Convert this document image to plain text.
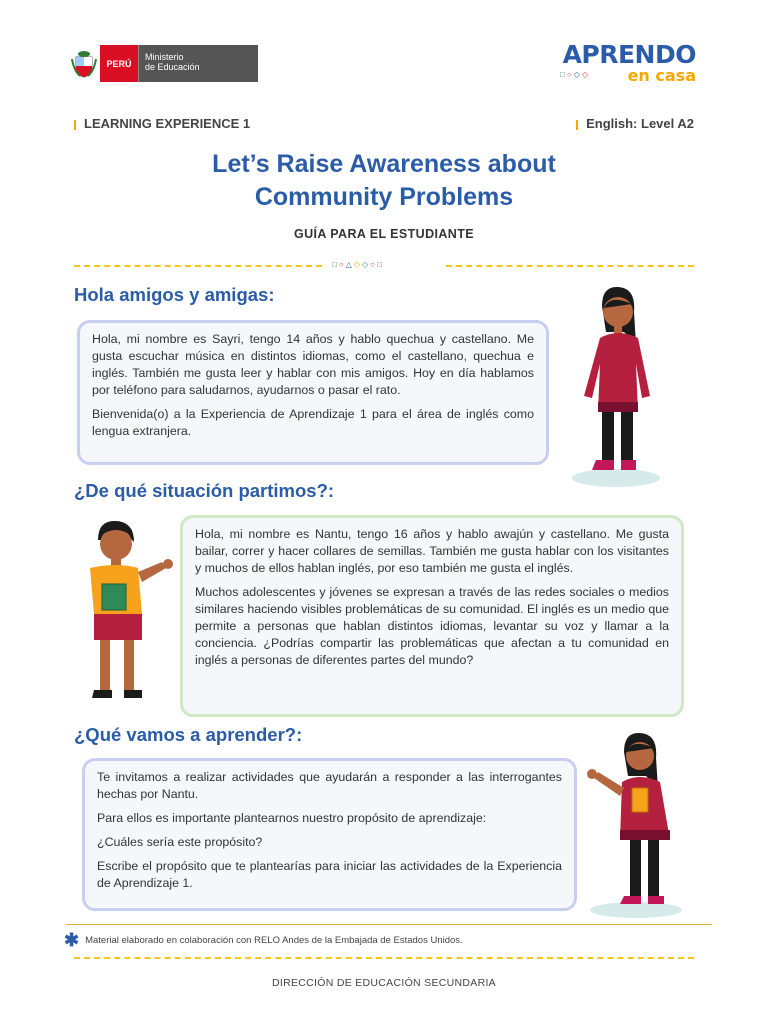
PERÚ
Ministerio
de Educación	APRENDO
en casa
□○◇◇
LEARNING EXPERIENCE 1	English: Level A2
Let’s Raise Awareness about
Community Problems
GUÍA PARA EL ESTUDIANTE
□○△◇◇○□
Hola amigos y amigas:

Hola, mi nombre es Sayri, tengo 14 años y hablo quechua y castellano. Me gusta escuchar música en distintos idiomas, como el castellano, quechua e inglés. También me gusta leer y hablar con mis amigos. Hoy en día hablamos por teléfono para saludarnos, ayudarnos o pasar el rato.

Bienvenida(o) a la Experiencia de Aprendizaje 1 para el área de inglés como lengua extranjera.

¿De qué situación partimos?:

Hola, mi nombre es Nantu, tengo 16 años y hablo awajún y castellano. Me gusta bailar, correr y hacer collares de semillas. También me gusta hablar con los visitantes y muchos de ellos hablan inglés, por eso también me gusta el inglés.

Muchos adolescentes y jóvenes se expresan a través de las redes sociales o medios similares haciendo visibles problemáticas de su comunidad. El inglés es un medio que permite a personas que hablan distintos idiomas, levantar su voz y llamar a la conciencia. ¿Podrías compartir las problemáticas que afectan a tu comunidad en inglés a personas de diferentes partes del mundo?

¿Qué vamos a aprender?:

Te invitamos a realizar actividades que ayudarán a responder a las interrogantes hechas por Nantu.

Para ellos es importante plantearnos nuestro propósito de aprendizaje:

¿Cuáles sería este propósito?

Escribe el propósito que te plantearías para iniciar las actividades de la Experiencia de Aprendizaje 1.

✱ Material elaborado en colaboración con RELO Andes de la Embajada de Estados Unidos.
DIRECCIÓN DE EDUCACIÓN SECUNDARIA
